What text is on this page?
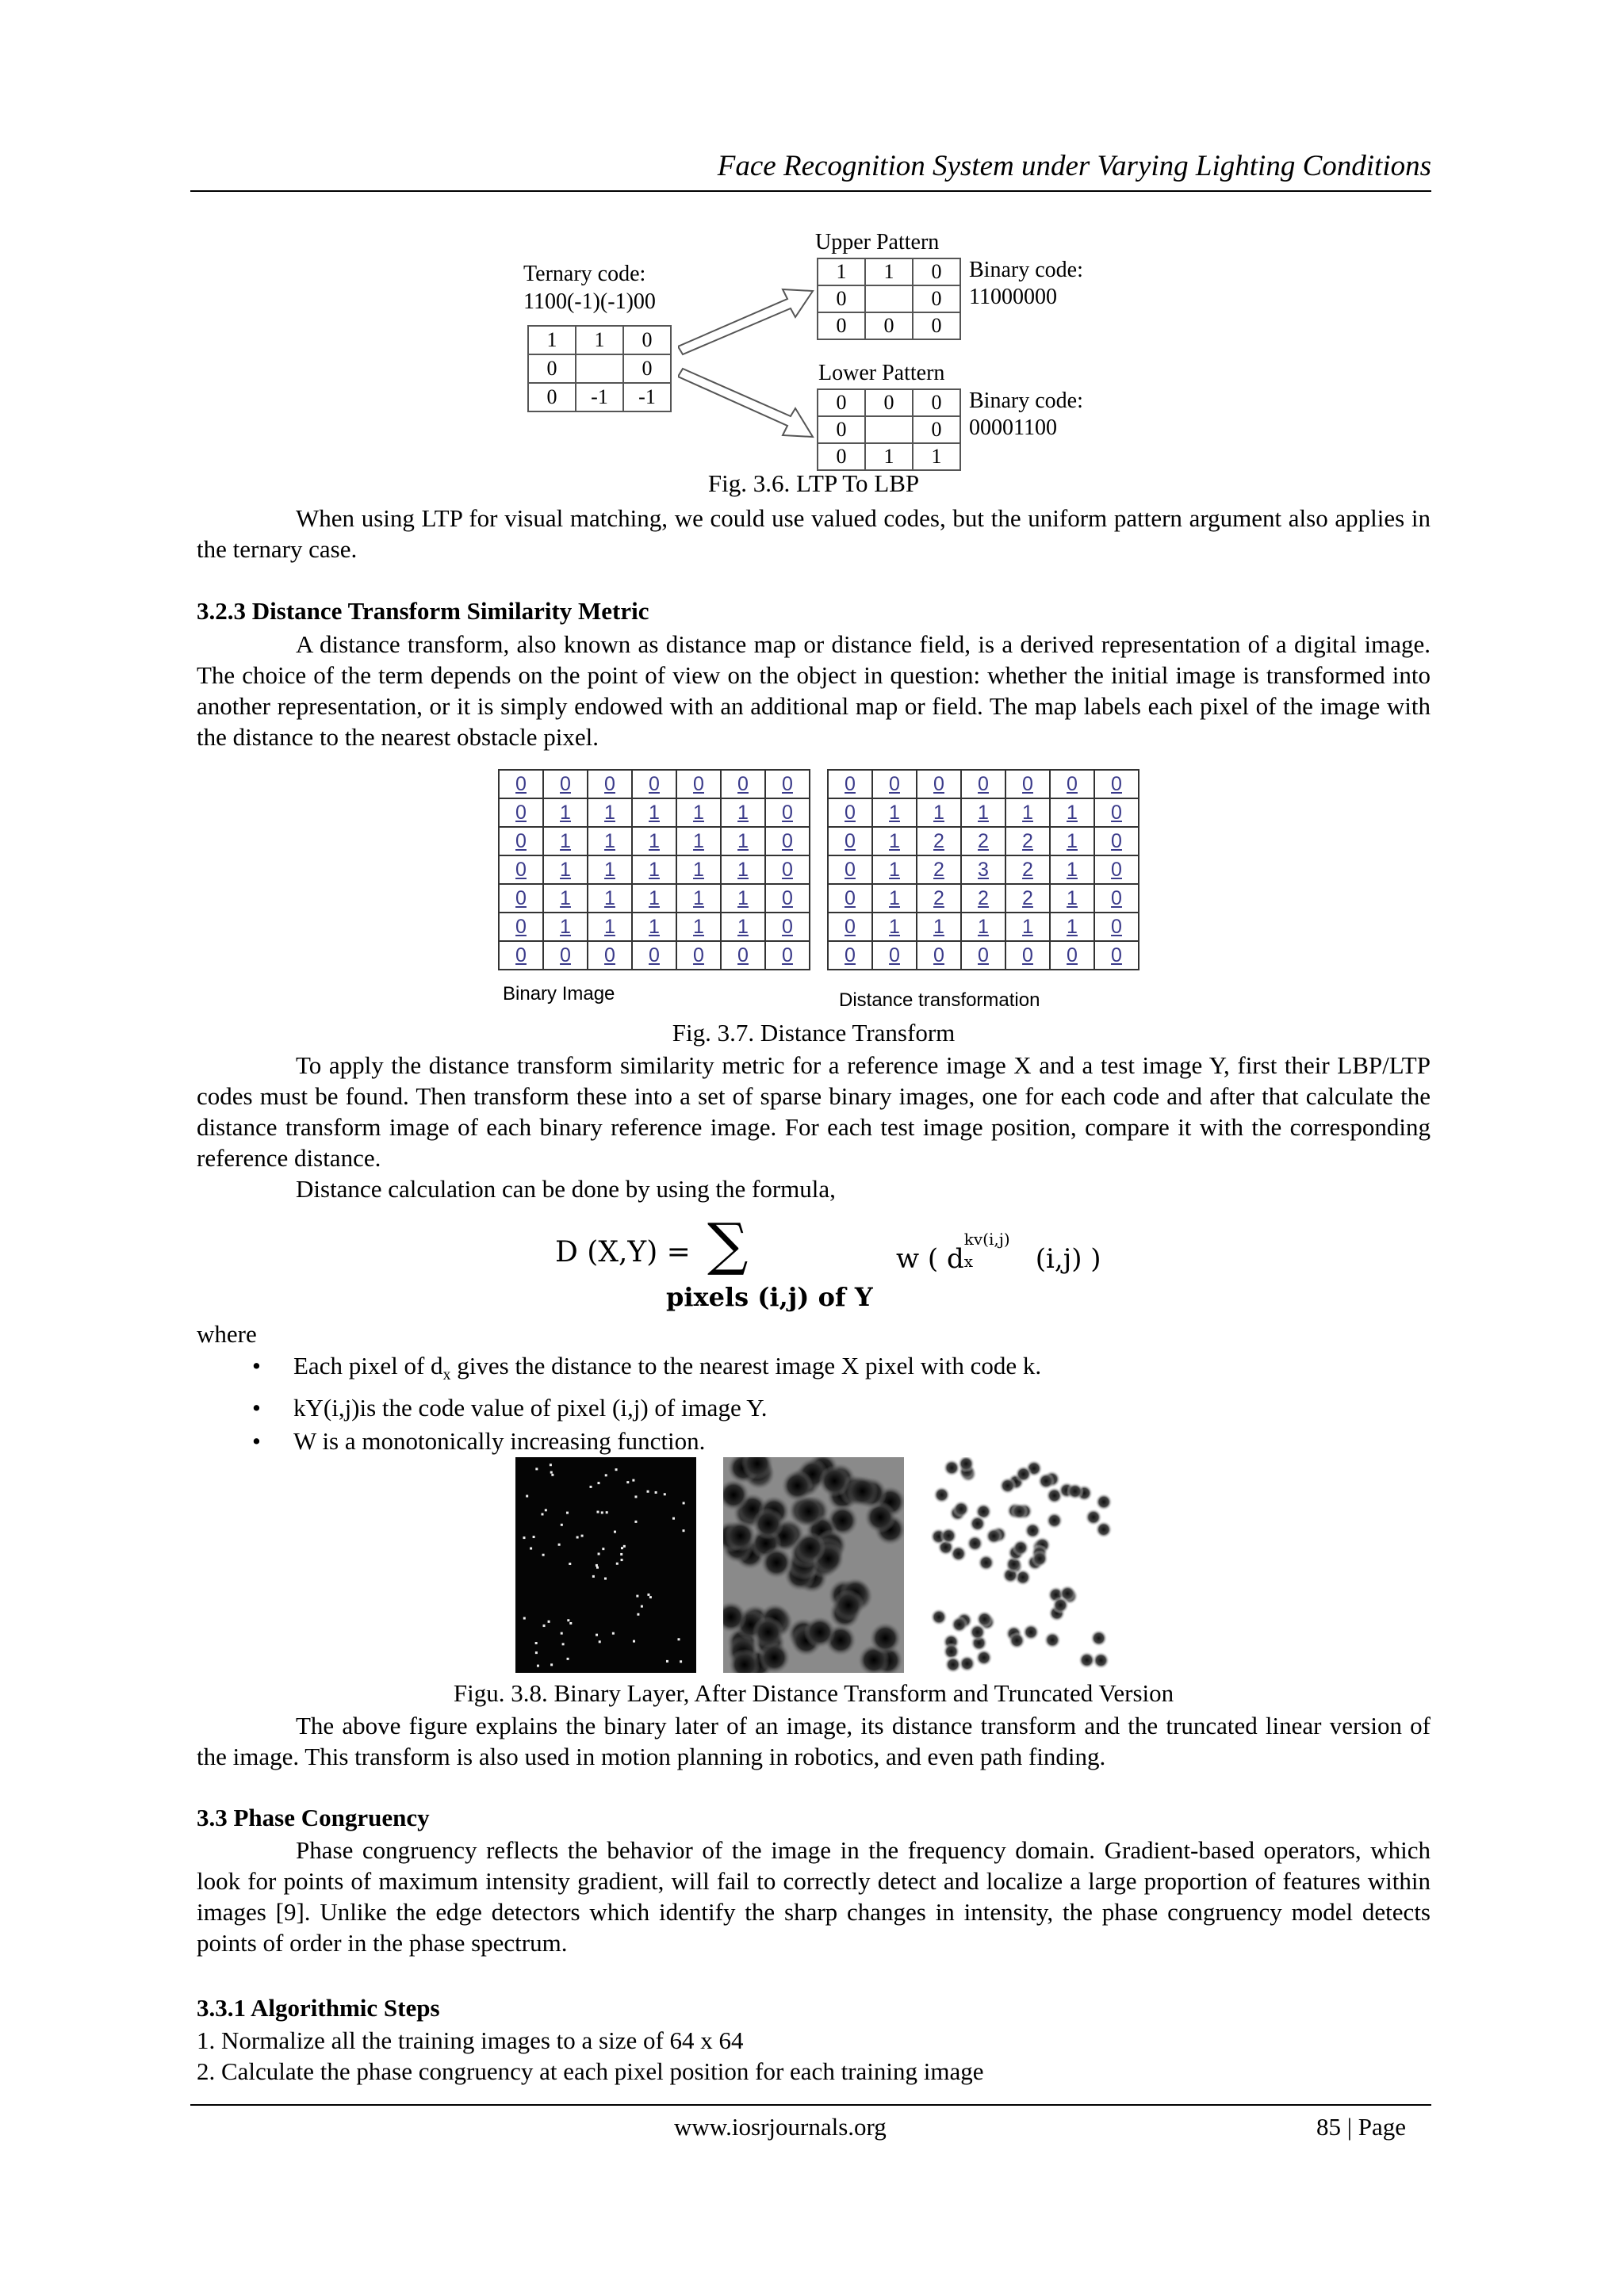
Face Recognition System under Varying Lighting Conditions
Ternary code:
1100(-1)(-1)00
1	1	0
0		0
0	-1	-1
Upper Pattern
1	1	0
0		0
0	0	0
Binary code:
11000000
Lower Pattern
0	0	0
0		0
0	1	1
Binary code:
00001100
Fig. 3.6. LTP To LBP
When using LTP for visual matching, we could use valued codes, but the uniform pattern argument also applies in the ternary case.
3.2.3 Distance Transform Similarity Metric
A distance transform, also known as distance map or distance field, is a derived representation of a digital image. The choice of the term depends on the point of view on the object in question: whether the initial image is transformed into another representation, or it is simply endowed with an additional map or field. The map labels each pixel of the image with the distance to the nearest obstacle pixel.
0	0	0	0	0	0	0
0	1	1	1	1	1	0
0	1	1	1	1	1	0
0	1	1	1	1	1	0
0	1	1	1	1	1	0
0	1	1	1	1	1	0
0	0	0	0	0	0	0
0	0	0	0	0	0	0
0	1	1	1	1	1	0
0	1	2	2	2	1	0
0	1	2	3	2	1	0
0	1	2	2	2	1	0
0	1	1	1	1	1	0
0	0	0	0	0	0	0
Binary Image	Distance transformation
Fig. 3.7. Distance Transform
To apply the distance transform similarity metric for a reference image X and a test image Y, first their LBP/LTP codes must be found. Then transform these into a set of sparse binary images, one for each code and after that calculate the distance transform image of each binary reference image. For each test image position, compare it with the corresponding reference distance.
Distance calculation can be done by using the formula,
D (X,Y) = ∑
pixels (i,j) of Y
w ( d
kv(i,j)
x (i,j) )
where
• Each pixel of $d_x$ gives the distance to the nearest image X pixel with code k.
• kY(i,j)is the code value of pixel (i,j) of image Y.
• W is a monotonically increasing function.
Figu. 3.8. Binary Layer, After Distance Transform and Truncated Version
The above figure explains the binary later of an image, its distance transform and the truncated linear version of the image. This transform is also used in motion planning in robotics, and even path finding.
3.3 Phase Congruency
Phase congruency reflects the behavior of the image in the frequency domain. Gradient-based operators, which look for points of maximum intensity gradient, will fail to correctly detect and localize a large proportion of features within images [9]. Unlike the edge detectors which identify the sharp changes in intensity, the phase congruency model detects points of order in the phase spectrum.
3.3.1 Algorithmic Steps
1. Normalize all the training images to a size of 64 x 64
2. Calculate the phase congruency at each pixel position for each training image
www.iosrjournals.org	85 | Page
